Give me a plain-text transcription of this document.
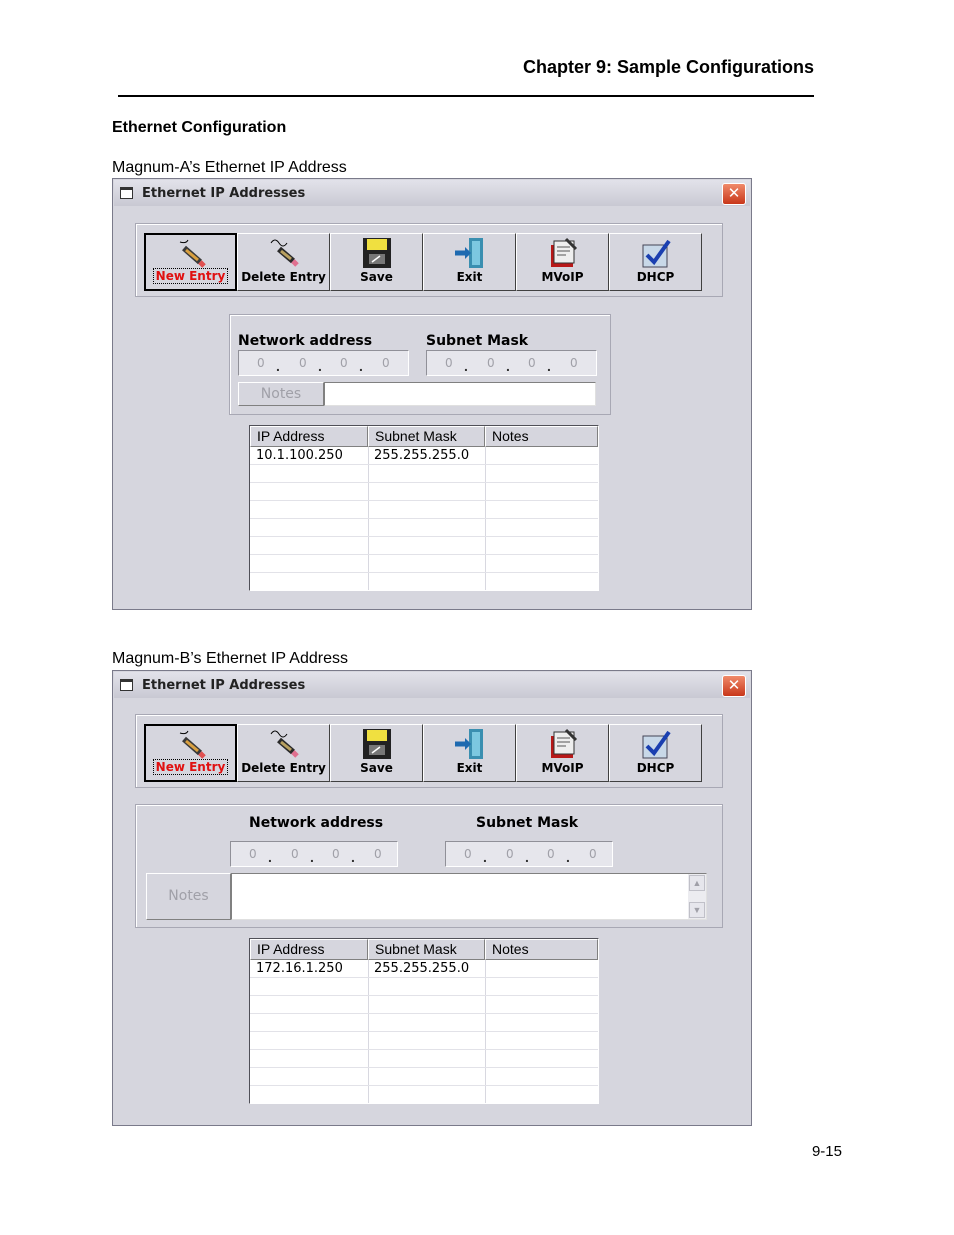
Chapter 9: Sample Configurations
Ethernet Configuration
Magnum-A’s Ethernet IP Address
Ethernet IP Addresses	✕
New Entry Delete Entry	Save	Exit	MVoIP	DHCP
Network address	Subnet Mask
0 . 0 . 0 . 0	0 . 0 . 0 . 0
Notes
IP Address	Subnet Mask	Notes
10.1.100.250	255.255.255.0
Magnum-B’s Ethernet IP Address
Ethernet IP Addresses	✕
New Entry Delete Entry	Save	Exit	MVoIP	DHCP
Network address	Subnet Mask
0 . 0 . 0 . 0	0 . 0 . 0 . 0
Notes
▲
▼
IP Address	Subnet Mask	Notes
172.16.1.250	255.255.255.0
9-15
